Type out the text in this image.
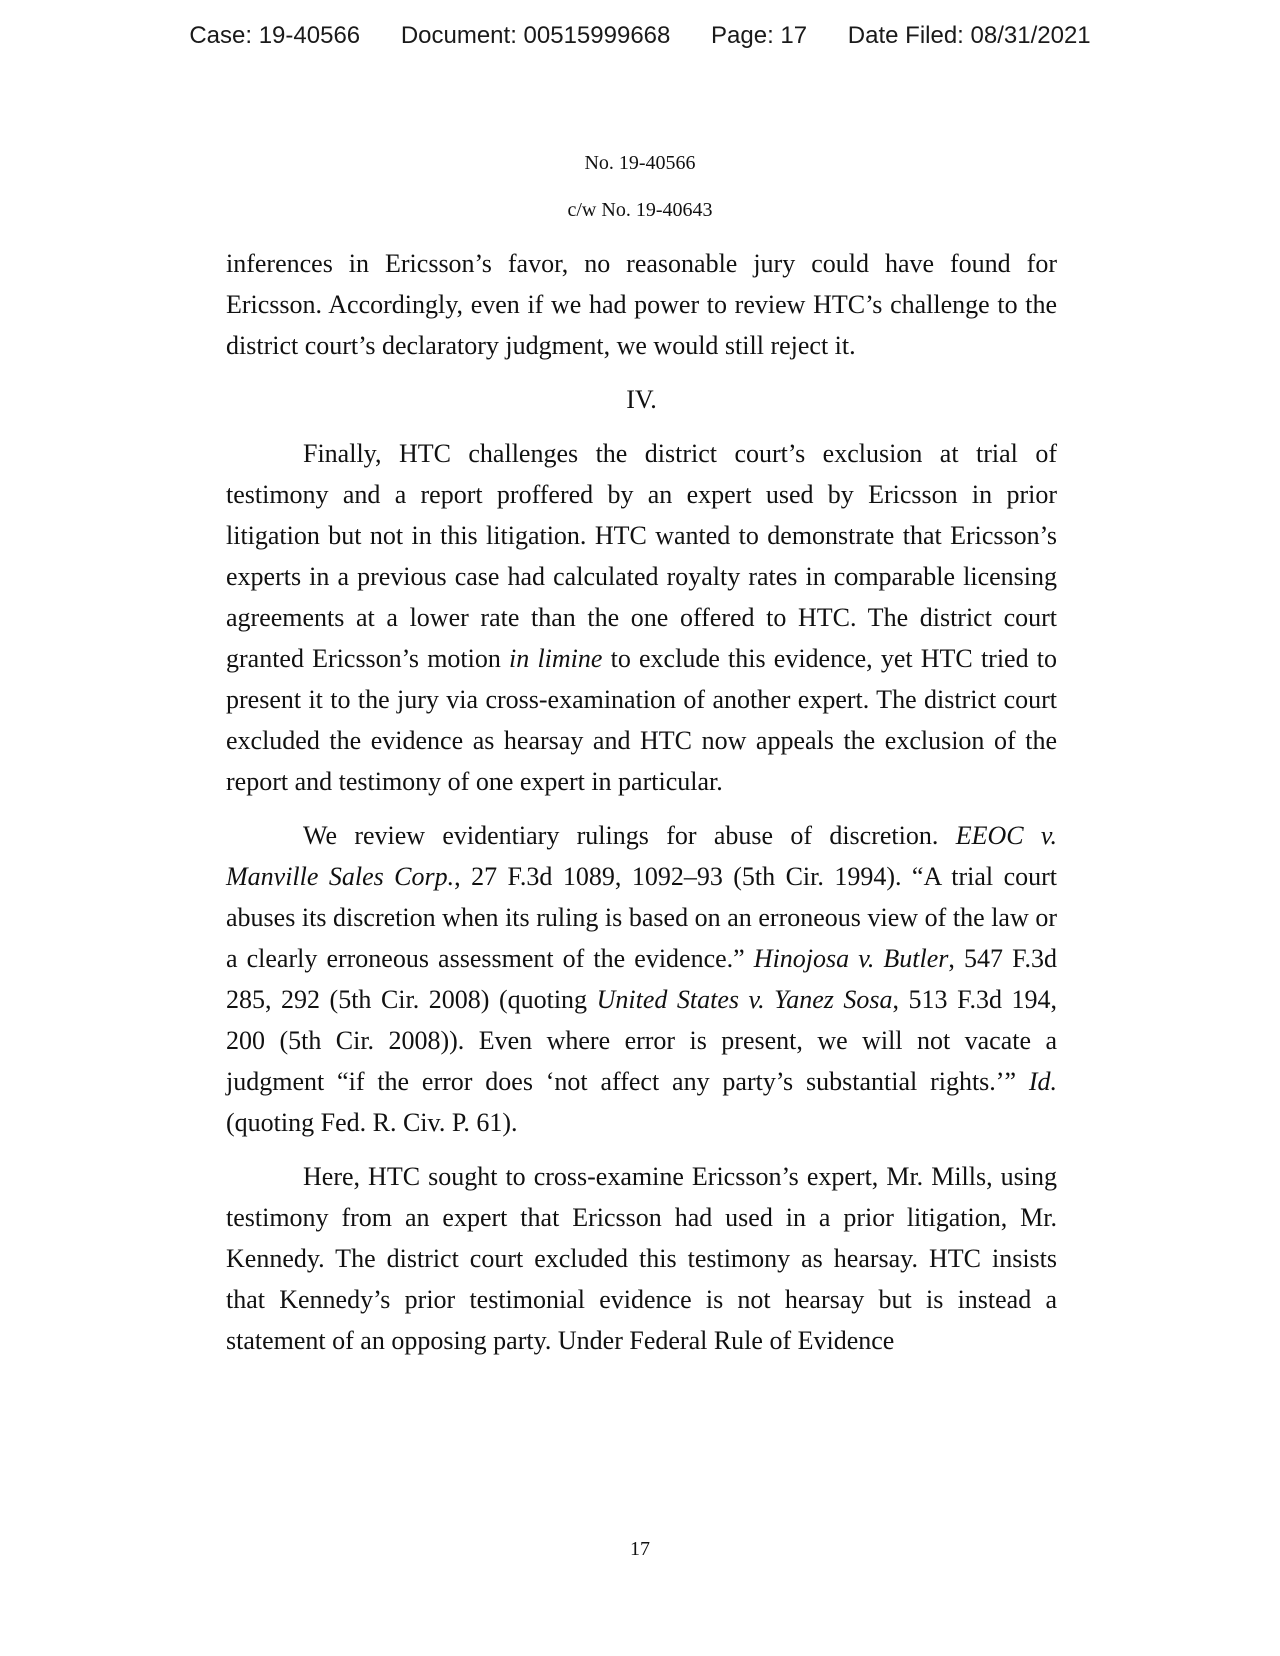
Case: 19-40566 Document: 00515999668 Page: 17 Date Filed: 08/31/2021
No. 19-40566
c/w No. 19-40643

inferences in Ericsson’s favor, no reasonable jury could have found for Ericsson. Accordingly, even if we had power to review HTC’s challenge to the district court’s declaratory judgment, we would still reject it.

IV.

Finally, HTC challenges the district court’s exclusion at trial of testimony and a report proffered by an expert used by Ericsson in prior litigation but not in this litigation. HTC wanted to demonstrate that Ericsson’s experts in a previous case had calculated royalty rates in comparable licensing agreements at a lower rate than the one offered to HTC. The district court granted Ericsson’s motion in limine to exclude this evidence, yet HTC tried to present it to the jury via cross-examination of another expert. The district court excluded the evidence as hearsay and HTC now appeals the exclusion of the report and testimony of one expert in particular.

We review evidentiary rulings for abuse of discretion. EEOC v. Manville Sales Corp., 27 F.3d 1089, 1092–93 (5th Cir. 1994). “A trial court abuses its discretion when its ruling is based on an erroneous view of the law or a clearly erroneous assessment of the evidence.” Hinojosa v. Butler, 547 F.3d 285, 292 (5th Cir. 2008) (quoting United States v. Yanez Sosa, 513 F.3d 194, 200 (5th Cir. 2008)). Even where error is present, we will not vacate a judgment “if the error does ‘not affect any party’s substantial rights.’” Id. (quoting Fed. R. Civ. P. 61).

Here, HTC sought to cross-examine Ericsson’s expert, Mr. Mills, using testimony from an expert that Ericsson had used in a prior litigation, Mr. Kennedy. The district court excluded this testimony as hearsay. HTC insists that Kennedy’s prior testimonial evidence is not hearsay but is instead a statement of an opposing party. Under Federal Rule of Evidence

17
